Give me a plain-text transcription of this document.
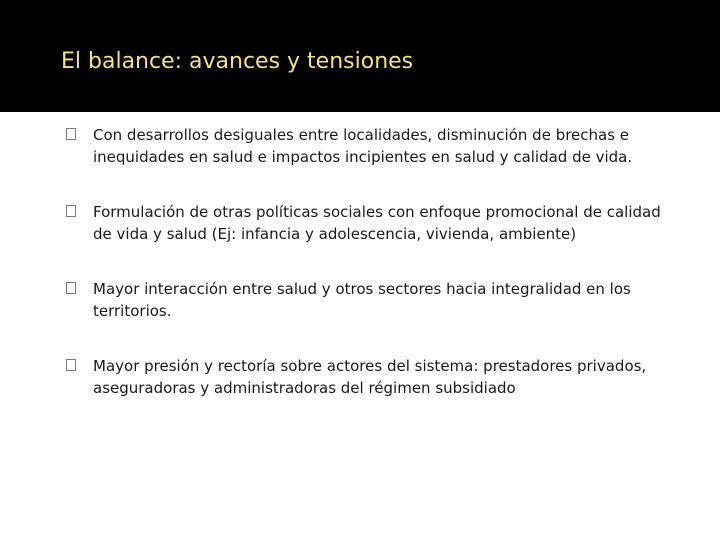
El balance: avances y tensiones
Con desarrollos desiguales entre localidades, disminución de brechas e inequidades en salud e impactos incipientes en salud y calidad de vida.
Formulación de otras políticas sociales con enfoque promocional de calidad de vida y salud (Ej: infancia y adolescencia, vivienda, ambiente)
Mayor interacción entre salud y otros sectores hacia integralidad en los territorios.
Mayor presión y rectoría sobre actores del sistema: prestadores privados, aseguradoras y administradoras del régimen subsidiado
